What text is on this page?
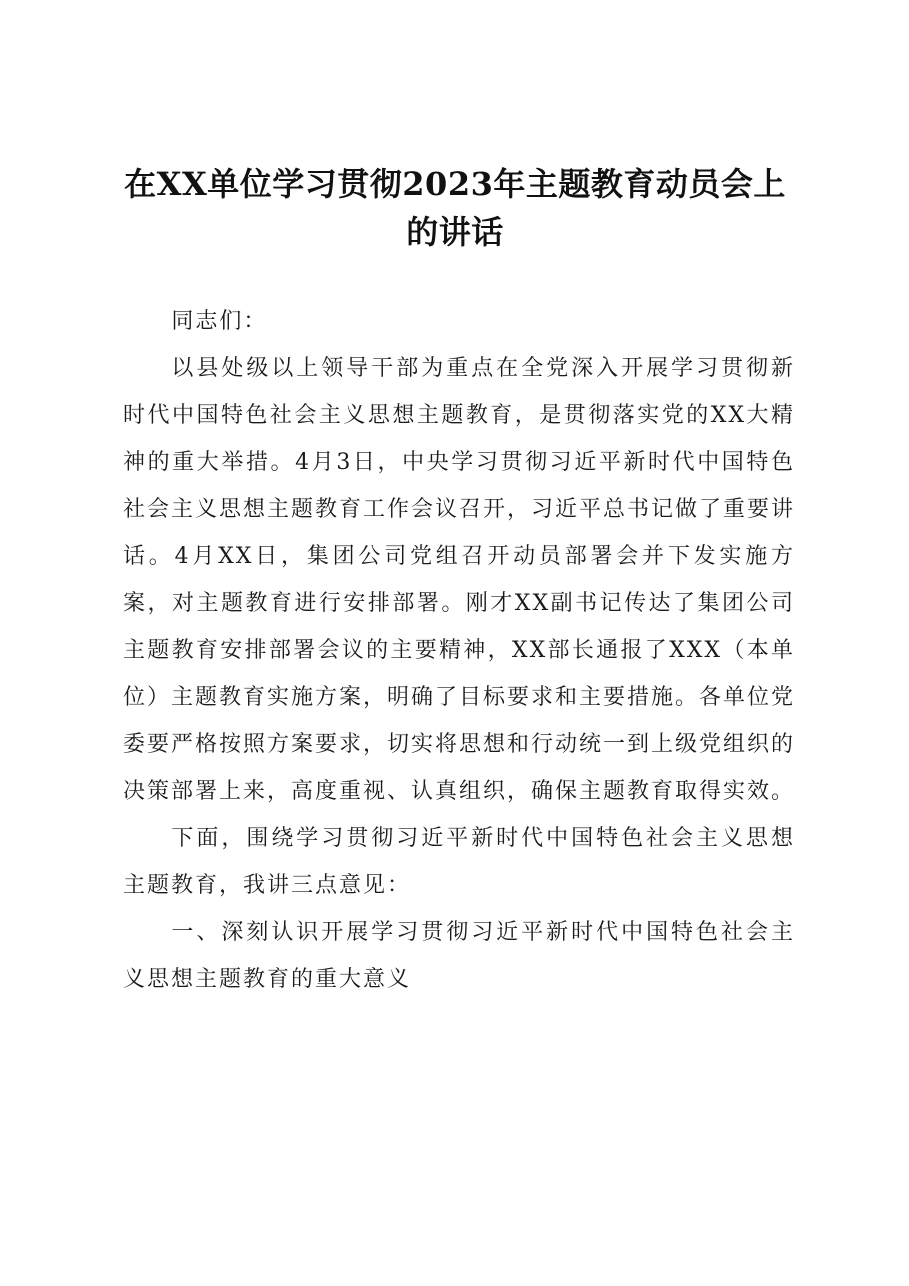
在XX单位学习贯彻2023年主题教育动员会上的讲话

同志们：

以县处级以上领导干部为重点在全党深入开展学习贯彻新时代中国特色社会主义思想主题教育，是贯彻落实党的XX大精神的重大举措。4月3日，中央学习贯彻习近平新时代中国特色社会主义思想主题教育工作会议召开，习近平总书记做了重要讲话。4月XX日，集团公司党组召开动员部署会并下发实施方案，对主题教育进行安排部署。刚才XX副书记传达了集团公司主题教育安排部署会议的主要精神，XX部长通报了XXX（本单位）主题教育实施方案，明确了目标要求和主要措施。各单位党委要严格按照方案要求，切实将思想和行动统一到上级党组织的决策部署上来，高度重视、认真组织，确保主题教育取得实效。

下面，围绕学习贯彻习近平新时代中国特色社会主义思想主题教育，我讲三点意见：

一、深刻认识开展学习贯彻习近平新时代中国特色社会主义思想主题教育的重大意义
